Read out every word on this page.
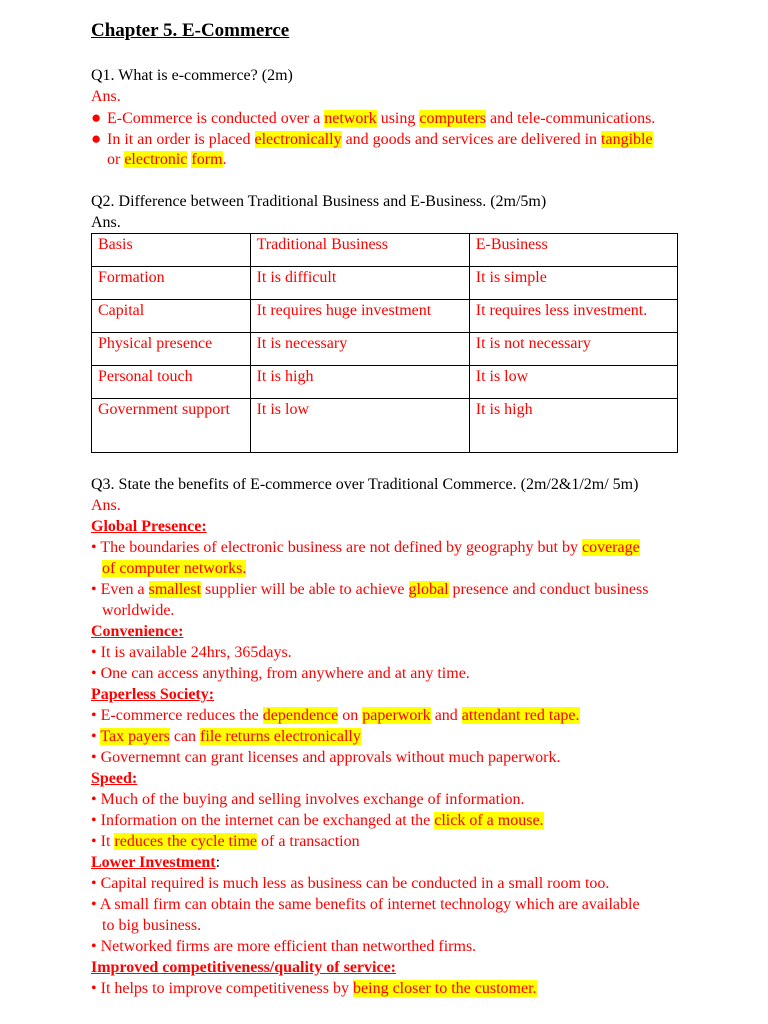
Chapter 5. E-Commerce
Q1. What is e-commerce? (2m)
Ans.
● E-Commerce is conducted over a network using computers and tele-communications.
● In it an order is placed electronically and goods and services are delivered in tangible
or electronic form.
Q2. Difference between Traditional Business and E-Business. (2m/5m)
Ans.
Basis	Traditional Business	E-Business
Formation	It is difficult	It is simple
Capital	It requires huge investment	It requires less investment.
Physical presence	It is necessary	It is not necessary
Personal touch	It is high	It is low
Government support	It is low	It is high
Q3. State the benefits of E-commerce over Traditional Commerce. (2m/2&1/2m/ 5m)
Ans.
Global Presence:
• The boundaries of electronic business are not defined by geography but by coverage
of computer networks.
• Even a smallest supplier will be able to achieve global presence and conduct business
worldwide.
Convenience:
• It is available 24hrs, 365days.
• One can access anything, from anywhere and at any time.
Paperless Society:
• E-commerce reduces the dependence on paperwork and attendant red tape.
• Tax payers can file returns electronically
• Governemnt can grant licenses and approvals without much paperwork.
Speed:
• Much of the buying and selling involves exchange of information.
• Information on the internet can be exchanged at the click of a mouse.
• It reduces the cycle time of a transaction
Lower Investment:
• Capital required is much less as business can be conducted in a small room too.
• A small firm can obtain the same benefits of internet technology which are available
to big business.
• Networked firms are more efficient than networthed firms.
Improved competitiveness/quality of service:
• It helps to improve competitiveness by being closer to the customer.
